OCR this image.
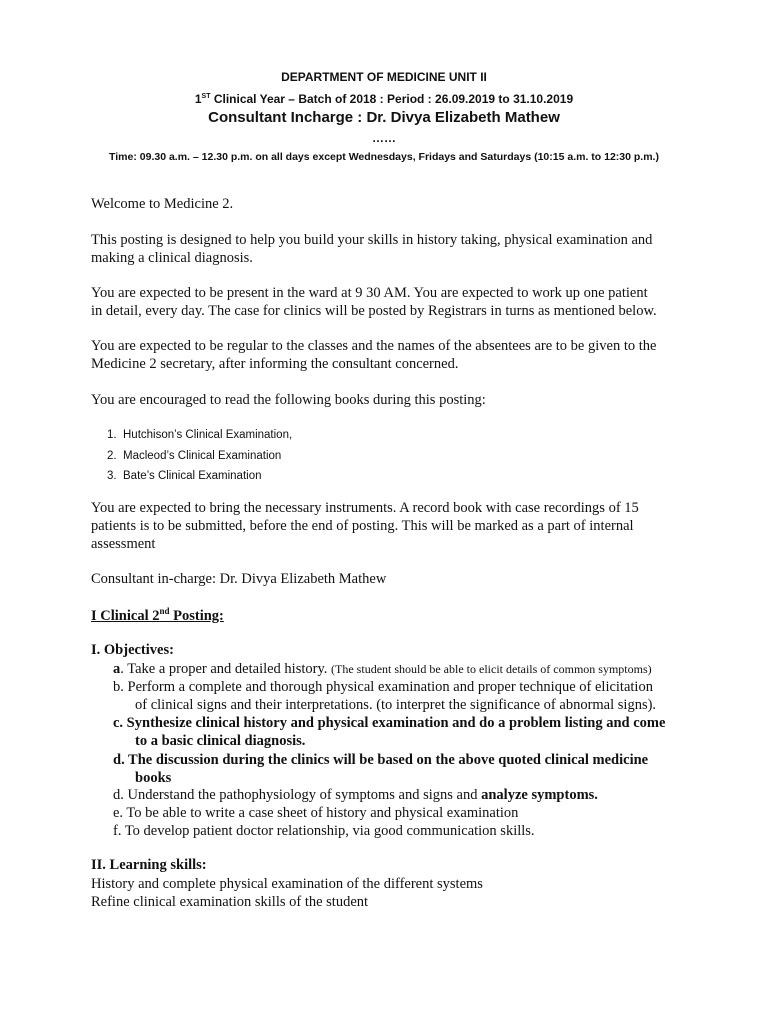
DEPARTMENT OF MEDICINE UNIT II
1ST Clinical Year – Batch of 2018 : Period : 26.09.2019 to 31.10.2019
Consultant Incharge : Dr. Divya Elizabeth Mathew
……
Time: 09.30 a.m. – 12.30 p.m. on all days except Wednesdays, Fridays and Saturdays (10:15 a.m. to 12:30 p.m.)
Welcome to Medicine 2.
This posting is designed to help you build your skills in history taking, physical examination and
making a clinical diagnosis.
You are expected to be present in the ward at 9 30 AM. You are expected to work up one patient
in detail, every day. The case for clinics will be posted by Registrars in turns as mentioned below.
You are expected to be regular to the classes and the names of the absentees are to be given to the
Medicine 2 secretary, after informing the consultant concerned.
You are encouraged to read the following books during this posting:
1. Hutchison’s Clinical Examination,
2. Macleod’s Clinical Examination
3. Bate’s Clinical Examination
You are expected to bring the necessary instruments. A record book with case recordings of 15
patients is to be submitted, before the end of posting. This will be marked as a part of internal
assessment
Consultant in-charge: Dr. Divya Elizabeth Mathew
I Clinical 2nd Posting:
I. Objectives:
a. Take a proper and detailed history. (The student should be able to elicit details of common symptoms)
b. Perform a complete and thorough physical examination and proper technique of elicitation
of clinical signs and their interpretations. (to interpret the significance of abnormal signs).
c. Synthesize clinical history and physical examination and do a problem listing and come
to a basic clinical diagnosis.
d. The discussion during the clinics will be based on the above quoted clinical medicine
books
d. Understand the pathophysiology of symptoms and signs and analyze symptoms.
e. To be able to write a case sheet of history and physical examination
f. To develop patient doctor relationship, via good communication skills.
II. Learning skills:
History and complete physical examination of the different systems
Refine clinical examination skills of the student
